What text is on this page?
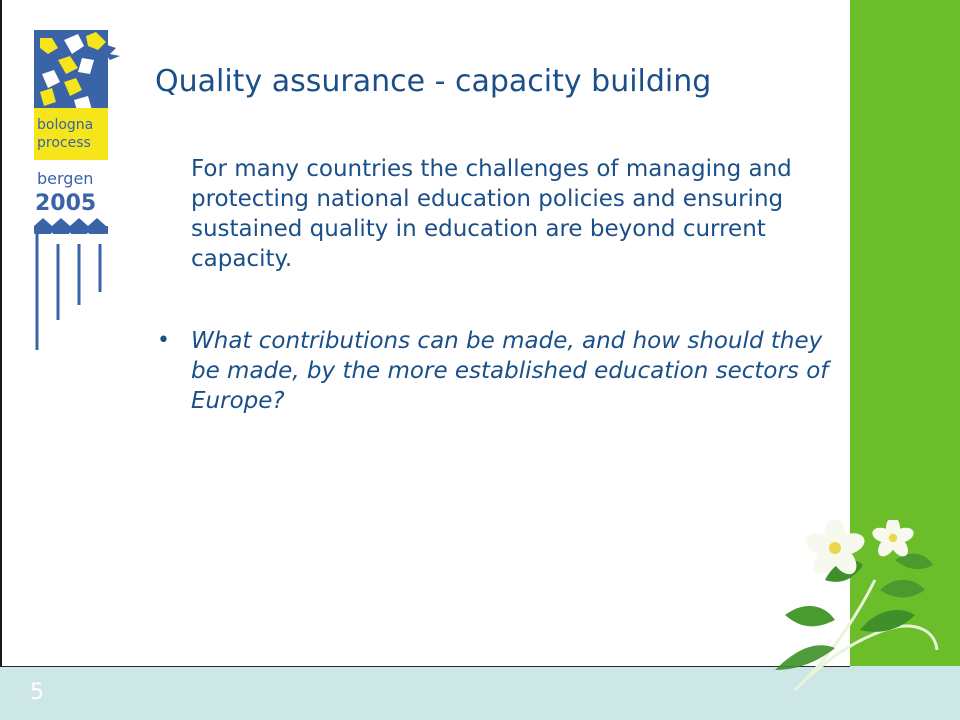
bologna
process
bergen
2005
Quality assurance - capacity building

For many countries the challenges of managing and protecting national education policies and ensuring sustained quality in education are beyond current capacity.

• What contributions can be made, and how should they be made, by the more established education sectors of Europe?

5
